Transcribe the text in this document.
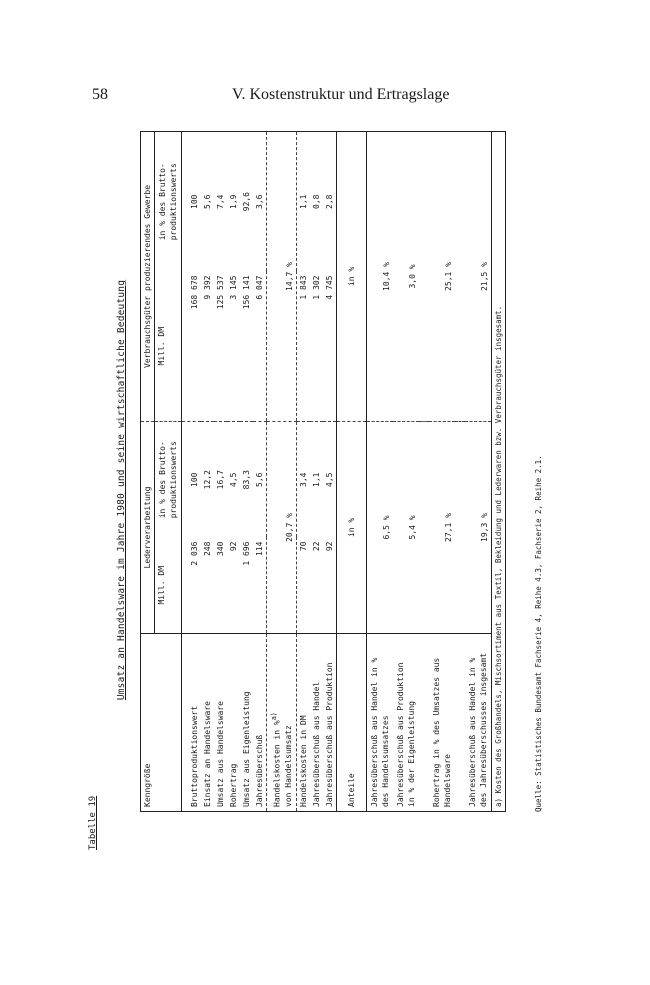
58	V. Kostenstruktur und Ertragslage
Tabelle 19
Umsatz an Handelsware im Jahre 1980 und seine wirtschaftliche Bedeutung
Kenngröße	Lederverarbeitung		Verbrauchsgüter produzierendes Gewerbe	
	Mill. DM	in % des Brutto- produktionswerts	Mill. DM	in % des Brutto- produktionswerts

Bruttoproduktionswert	2 036	100	168 678	100
Einsatz an Handelsware	248	12,2	9 392	5,6
Umsatz aus Handelsware	340	16,7	125 537	7,4
Rohertrag	92	4,5	3 145	1,9
Umsatz aus Eigenleistung	1 696	83,3	156 141	92,6
Jahresüberschuß	114	5,6	6 047	3,6

Handelskosten in %$^{a)}$
von Handelsumsatz	20,7 %		14,7 %	
Handelskosten in DM	70	3,4	1 843	1,1
Jahresüberschuß aus Handel	22	1,1	1 302	0,8
Jahresüberschuß aus Produktion	92	4,5	4 745	2,8
Anteile	in %		in %	

Jahresüberschuß aus Handel in % des Handelsumsatzes	6,5 %		10,4 %	

Jahresüberschuß aus Produktion in % der Eigenleistung	5,4 %		3,0 %	

Rohertrag in % des Umsatzes aus Handelsware	27,1 %		25,1 %	

Jahresüberschuß aus Handel in % des Jahresüberschusses insgesamt	19,3 %		21,5 %	
a) Kosten des Großhandels, Mischsortiment aus Textil, Bekleidung und Lederwaren bzw. Verbrauchsgüter insgesamt.					Quelle: Statistisches Bundesamt Fachserie 4, Reihe 4.3, Fachserie 2, Reihe 2.1.
